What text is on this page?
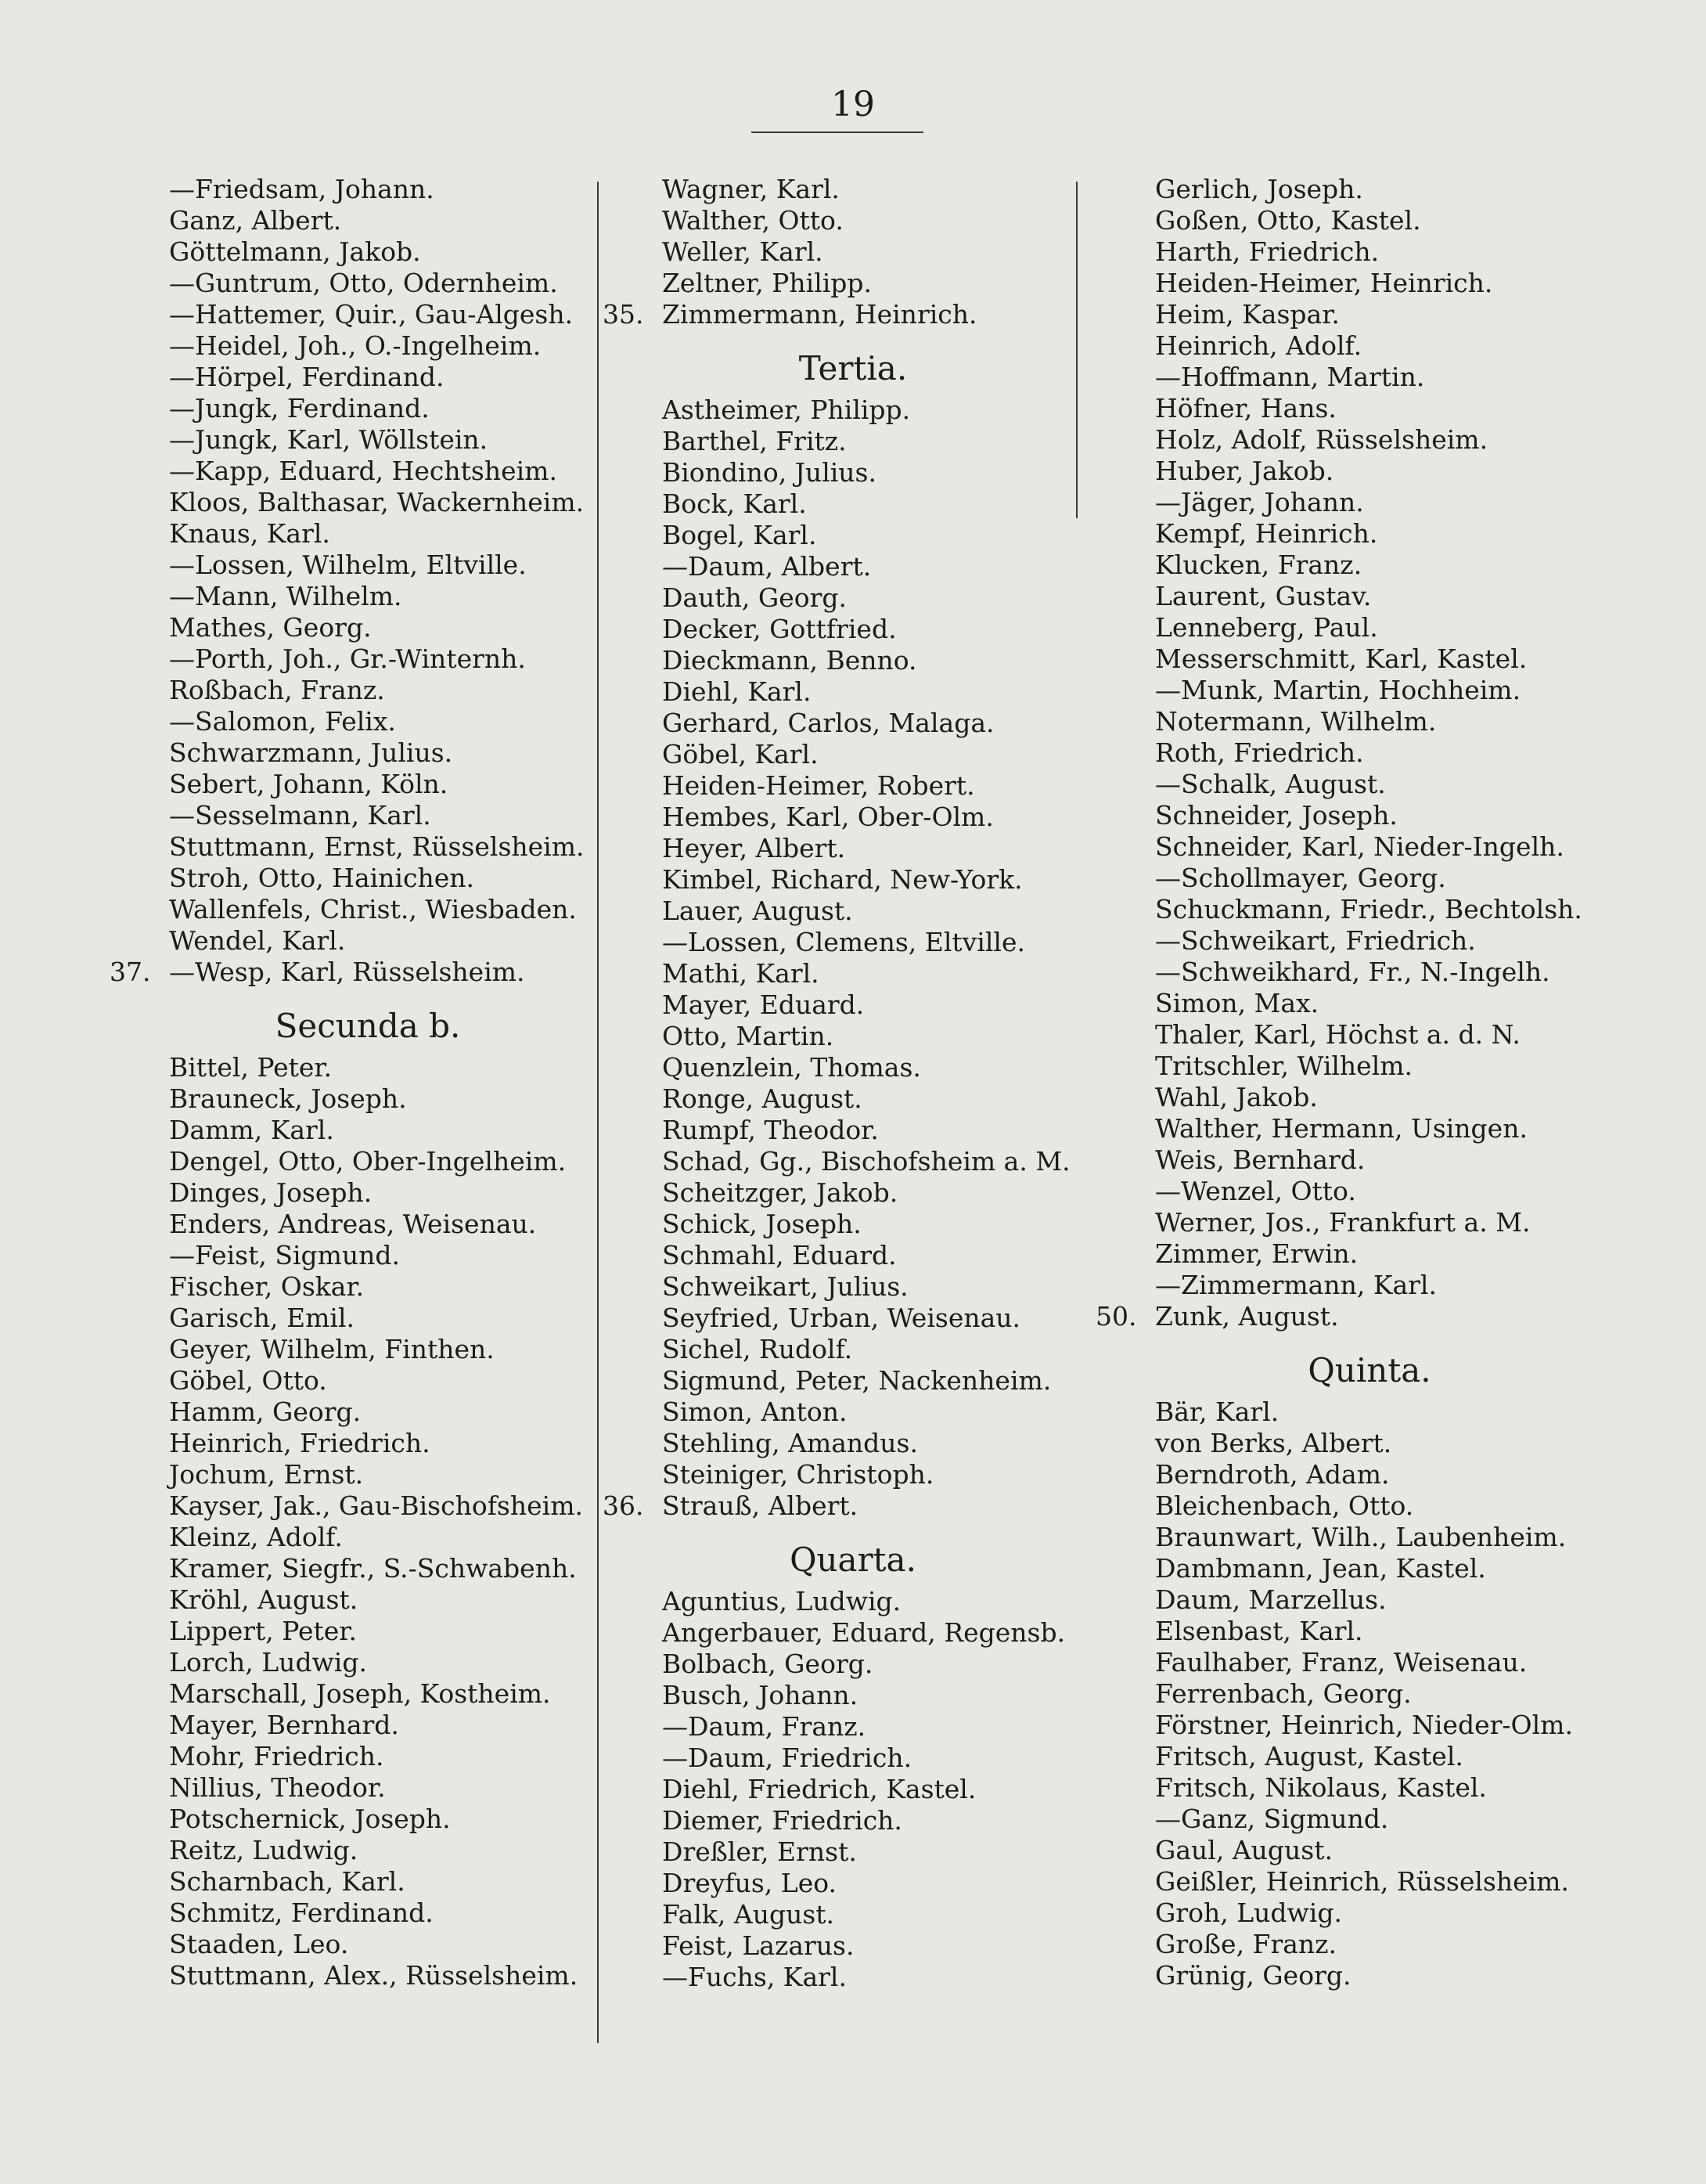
19
—Friedsam, Johann.
Ganz, Albert.
Göttelmann, Jakob.
—Guntrum, Otto, Odernheim.
—Hattemer, Quir., Gau-Algesh.
—Heidel, Joh., O.-Ingelheim.
—Hörpel, Ferdinand.
—Jungk, Ferdinand.
—Jungk, Karl, Wöllstein.
—Kapp, Eduard, Hechtsheim.
Kloos, Balthasar, Wackernheim.
Knaus, Karl.
—Lossen, Wilhelm, Eltville.
—Mann, Wilhelm.
Mathes, Georg.
—Porth, Joh., Gr.-Winternh.
Roßbach, Franz.
—Salomon, Felix.
Schwarzmann, Julius.
Sebert, Johann, Köln.
—Sesselmann, Karl.
Stuttmann, Ernst, Rüsselsheim.
Stroh, Otto, Hainichen.
Wallenfels, Christ., Wiesbaden.
Wendel, Karl.
37. —Wesp, Karl, Rüsselsheim.
Secunda b.
Bittel, Peter.
Brauneck, Joseph.
Damm, Karl.
Dengel, Otto, Ober-Ingelheim.
Dinges, Joseph.
Enders, Andreas, Weisenau.
—Feist, Sigmund.
Fischer, Oskar.
Garisch, Emil.
Geyer, Wilhelm, Finthen.
Göbel, Otto.
Hamm, Georg.
Heinrich, Friedrich.
Jochum, Ernst.
Kayser, Jak., Gau-Bischofsheim.
Kleinz, Adolf.
Kramer, Siegfr., S.-Schwabenh.
Kröhl, August.
Lippert, Peter.
Lorch, Ludwig.
Marschall, Joseph, Kostheim.
Mayer, Bernhard.
Mohr, Friedrich.
Nillius, Theodor.
Potschernick, Joseph.
Reitz, Ludwig.
Scharnbach, Karl.
Schmitz, Ferdinand.
Staaden, Leo.
Stuttmann, Alex., Rüsselsheim.
Wagner, Karl.
Walther, Otto.
Weller, Karl.
Zeltner, Philipp.
35. Zimmermann, Heinrich.
Tertia.
Astheimer, Philipp.
Barthel, Fritz.
Biondino, Julius.
Bock, Karl.
Bogel, Karl.
—Daum, Albert.
Dauth, Georg.
Decker, Gottfried.
Dieckmann, Benno.
Diehl, Karl.
Gerhard, Carlos, Malaga.
Göbel, Karl.
Heiden-Heimer, Robert.
Hembes, Karl, Ober-Olm.
Heyer, Albert.
Kimbel, Richard, New-York.
Lauer, August.
—Lossen, Clemens, Eltville.
Mathi, Karl.
Mayer, Eduard.
Otto, Martin.
Quenzlein, Thomas.
Ronge, August.
Rumpf, Theodor.
Schad, Gg., Bischofsheim a. M.
Scheitzger, Jakob.
Schick, Joseph.
Schmahl, Eduard.
Schweikart, Julius.
Seyfried, Urban, Weisenau.
Sichel, Rudolf.
Sigmund, Peter, Nackenheim.
Simon, Anton.
Stehling, Amandus.
Steiniger, Christoph.
36. Strauß, Albert.
Quarta.
Aguntius, Ludwig.
Angerbauer, Eduard, Regensb.
Bolbach, Georg.
Busch, Johann.
—Daum, Franz.
—Daum, Friedrich.
Diehl, Friedrich, Kastel.
Diemer, Friedrich.
Dreßler, Ernst.
Dreyfus, Leo.
Falk, August.
Feist, Lazarus.
—Fuchs, Karl.
Gerlich, Joseph.
Goßen, Otto, Kastel.
Harth, Friedrich.
Heiden-Heimer, Heinrich.
Heim, Kaspar.
Heinrich, Adolf.
—Hoffmann, Martin.
Höfner, Hans.
Holz, Adolf, Rüsselsheim.
Huber, Jakob.
—Jäger, Johann.
Kempf, Heinrich.
Klucken, Franz.
Laurent, Gustav.
Lenneberg, Paul.
Messerschmitt, Karl, Kastel.
—Munk, Martin, Hochheim.
Notermann, Wilhelm.
Roth, Friedrich.
—Schalk, August.
Schneider, Joseph.
Schneider, Karl, Nieder-Ingelh.
—Schollmayer, Georg.
Schuckmann, Friedr., Bechtolsh.
—Schweikart, Friedrich.
—Schweikhard, Fr., N.-Ingelh.
Simon, Max.
Thaler, Karl, Höchst a. d. N.
Tritschler, Wilhelm.
Wahl, Jakob.
Walther, Hermann, Usingen.
Weis, Bernhard.
—Wenzel, Otto.
Werner, Jos., Frankfurt a. M.
Zimmer, Erwin.
—Zimmermann, Karl.
50. Zunk, August.
Quinta.
Bär, Karl.
von Berks, Albert.
Berndroth, Adam.
Bleichenbach, Otto.
Braunwart, Wilh., Laubenheim.
Dambmann, Jean, Kastel.
Daum, Marzellus.
Elsenbast, Karl.
Faulhaber, Franz, Weisenau.
Ferrenbach, Georg.
Förstner, Heinrich, Nieder-Olm.
Fritsch, August, Kastel.
Fritsch, Nikolaus, Kastel.
—Ganz, Sigmund.
Gaul, August.
Geißler, Heinrich, Rüsselsheim.
Groh, Ludwig.
Große, Franz.
Grünig, Georg.
